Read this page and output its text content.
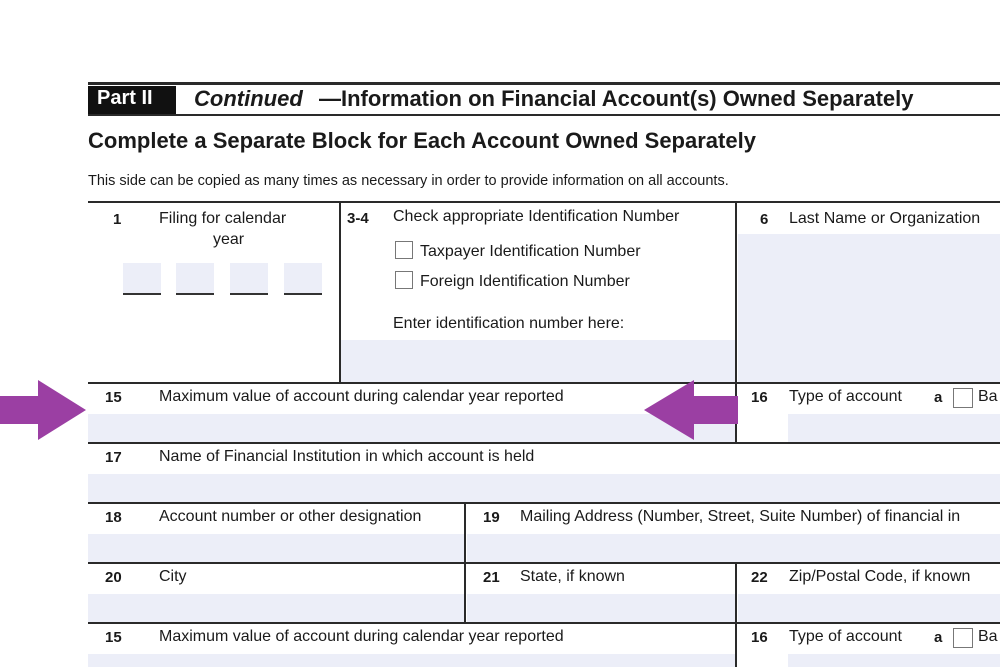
Part II Continued —Information on Financial Account(s) Owned Separately
Complete a Separate Block for Each Account Owned Separately
This side can be copied as many times as necessary in order to provide information on all accounts.
1 Filing for calendar
year
3-4 Check appropriate Identification Number
Taxpayer Identification Number
Foreign Identification Number
Enter identification number here:
6 Last Name or Organization
15 Maximum value of account during calendar year reported	16 Type of account a Ba
17 Name of Financial Institution in which account is held
18 Account number or other designation	19 Mailing Address (Number, Street, Suite Number) of financial in
20 City	21 State, if known	22 Zip/Postal Code, if known
15 Maximum value of account during calendar year reported	16 Type of account a Ba
